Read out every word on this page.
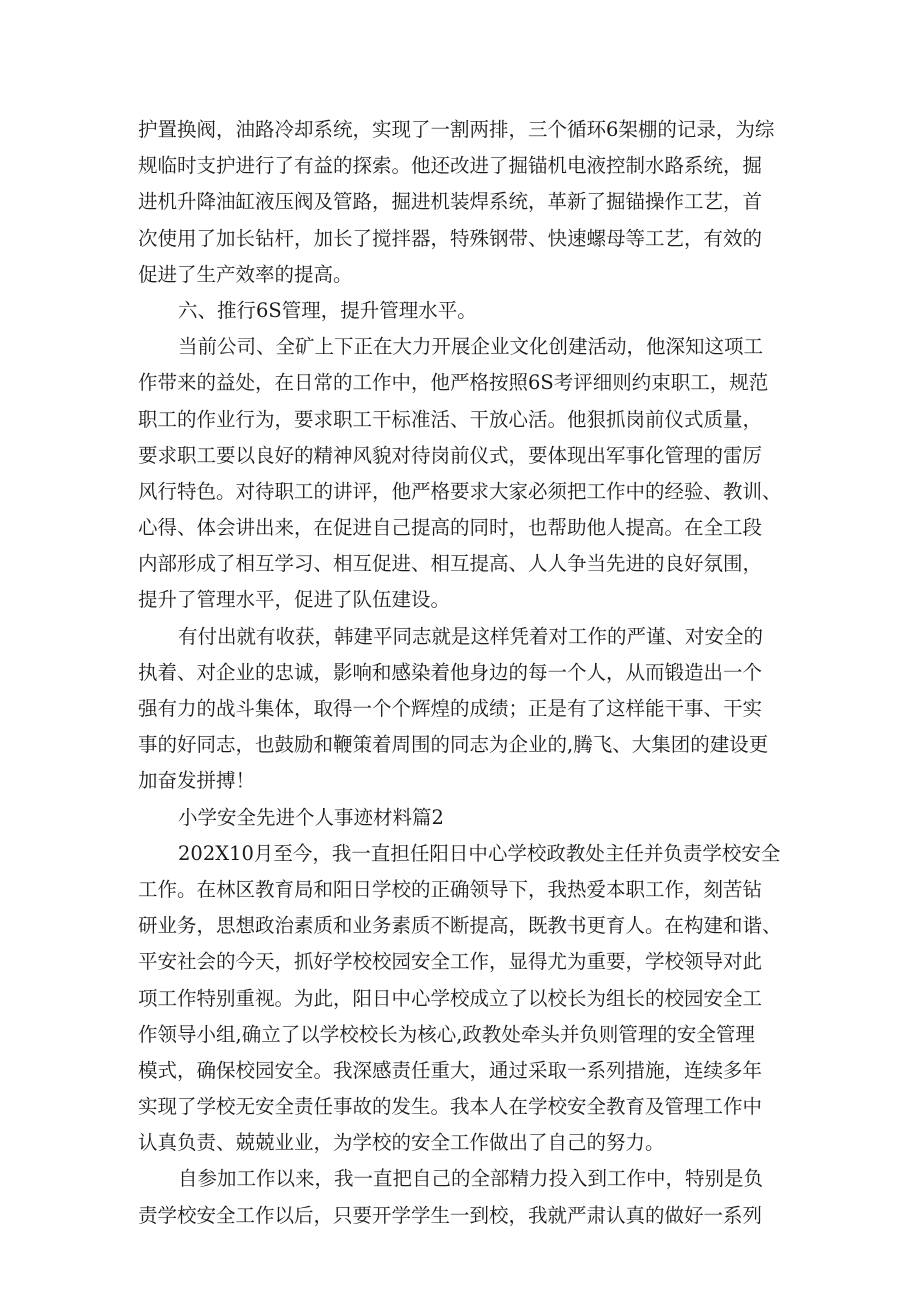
护置换阀，油路冷却系统，实现了一割两排，三个循环6架棚的记录，为综
规临时支护进行了有益的探索。他还改进了掘锚机电液控制水路系统，掘
进机升降油缸液压阀及管路，掘进机装焊系统，革新了掘锚操作工艺，首
次使用了加长钻杆，加长了搅拌器，特殊钢带、快速螺母等工艺，有效的
促进了生产效率的提高。
六、推行6S管理，提升管理水平。
当前公司、全矿上下正在大力开展企业文化创建活动，他深知这项工
作带来的益处，在日常的工作中，他严格按照6S考评细则约束职工，规范
职工的作业行为，要求职工干标准活、干放心活。他狠抓岗前仪式质量，
要求职工要以良好的精神风貌对待岗前仪式，要体现出军事化管理的雷厉
风行特色。对待职工的讲评，他严格要求大家必须把工作中的经验、教训、
心得、体会讲出来，在促进自己提高的同时，也帮助他人提高。在全工段
内部形成了相互学习、相互促进、相互提高、人人争当先进的良好氛围，
提升了管理水平，促进了队伍建设。
有付出就有收获，韩建平同志就是这样凭着对工作的严谨、对安全的
执着、对企业的忠诚，影响和感染着他身边的每一个人，从而锻造出一个
强有力的战斗集体，取得一个个辉煌的成绩；正是有了这样能干事、干实
事的好同志，也鼓励和鞭策着周围的同志为企业的,腾飞、大集团的建设更
加奋发拼搏！
小学安全先进个人事迹材料篇2
202X10月至今，我一直担任阳日中心学校政教处主任并负责学校安全
工作。在林区教育局和阳日学校的正确领导下，我热爱本职工作，刻苦钻
研业务，思想政治素质和业务素质不断提高，既教书更育人。在构建和谐、
平安社会的今天，抓好学校校园安全工作，显得尤为重要，学校领导对此
项工作特别重视。为此，阳日中心学校成立了以校长为组长的校园安全工
作领导小组,确立了以学校校长为核心,政教处牵头并负则管理的安全管理
模式，确保校园安全。我深感责任重大，通过采取一系列措施，连续多年
实现了学校无安全责任事故的发生。我本人在学校安全教育及管理工作中
认真负责、兢兢业业，为学校的安全工作做出了自己的努力。
自参加工作以来，我一直把自己的全部精力投入到工作中，特别是负
责学校安全工作以后，只要开学学生一到校，我就严肃认真的做好一系列
